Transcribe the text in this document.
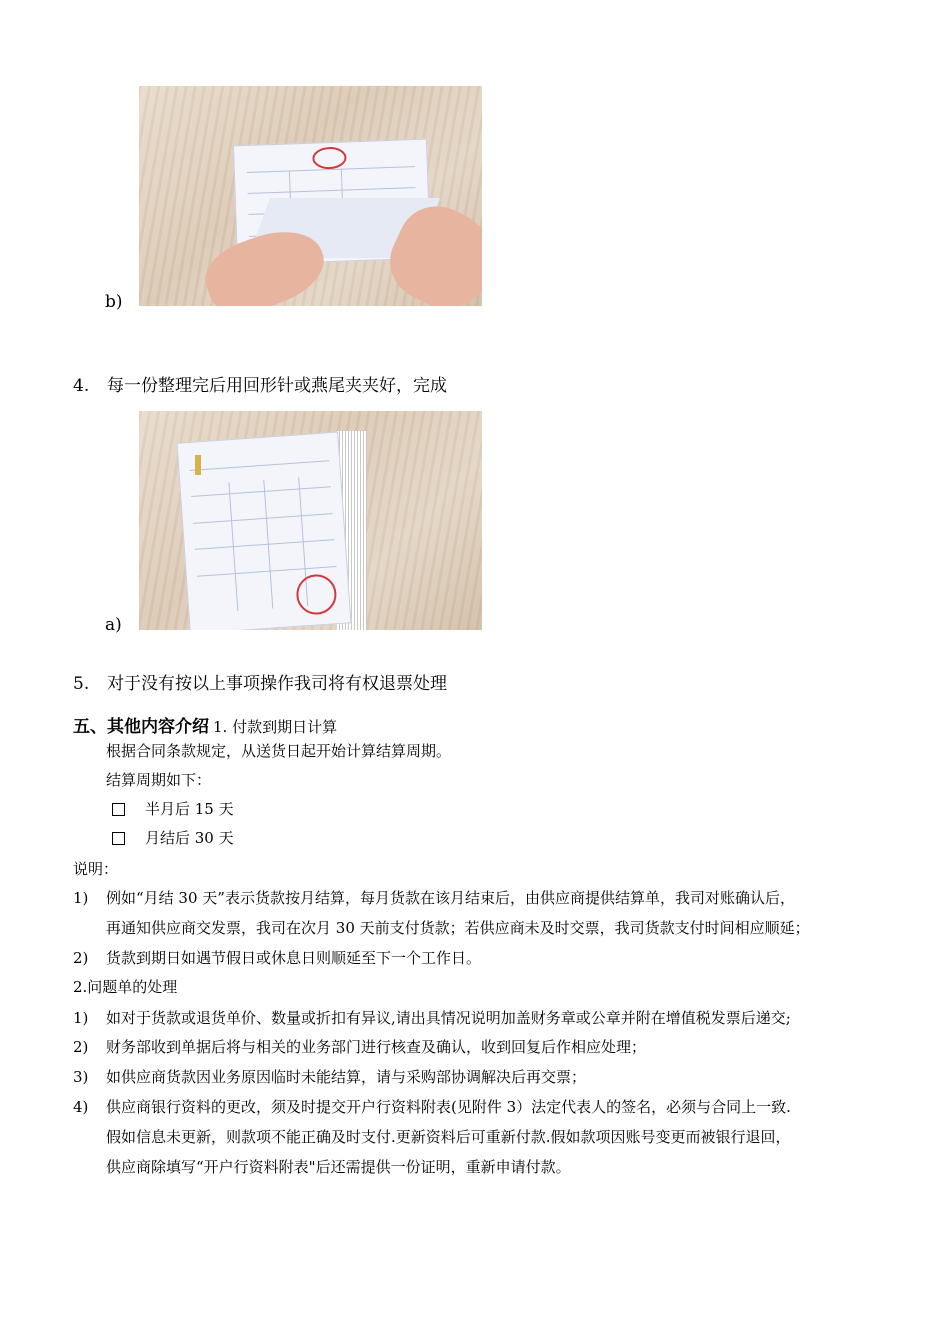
b)
4. 每一份整理完后用回形针或燕尾夹夹好，完成
a)
5. 对于没有按以上事项操作我司将有权退票处理
五、其他内容介绍 1. 付款到期日计算
根据合同条款规定，从送货日起开始计算结算周期。
结算周期如下：
半月后 15 天
月结后 30 天
说明：
1) 例如“月结 30 天”表示货款按月结算，每月货款在该月结束后，由供应商提供结算单，我司对账确认后，
再通知供应商交发票，我司在次月 30 天前支付货款；若供应商未及时交票，我司货款支付时间相应顺延；
2) 货款到期日如遇节假日或休息日则顺延至下一个工作日。
2.问题单的处理
1) 如对于货款或退货单价、数量或折扣有异议,请出具情况说明加盖财务章或公章并附在增值税发票后递交;
2) 财务部收到单据后将与相关的业务部门进行核查及确认，收到回复后作相应处理；
3) 如供应商货款因业务原因临时未能结算，请与采购部协调解决后再交票；
4) 供应商银行资料的更改，须及时提交开户行资料附表(见附件 3）法定代表人的签名，必须与合同上一致.
假如信息未更新，则款项不能正确及时支付.更新资料后可重新付款.假如款项因账号变更而被银行退回，
供应商除填写“开户行资料附表"后还需提供一份证明，重新申请付款。
